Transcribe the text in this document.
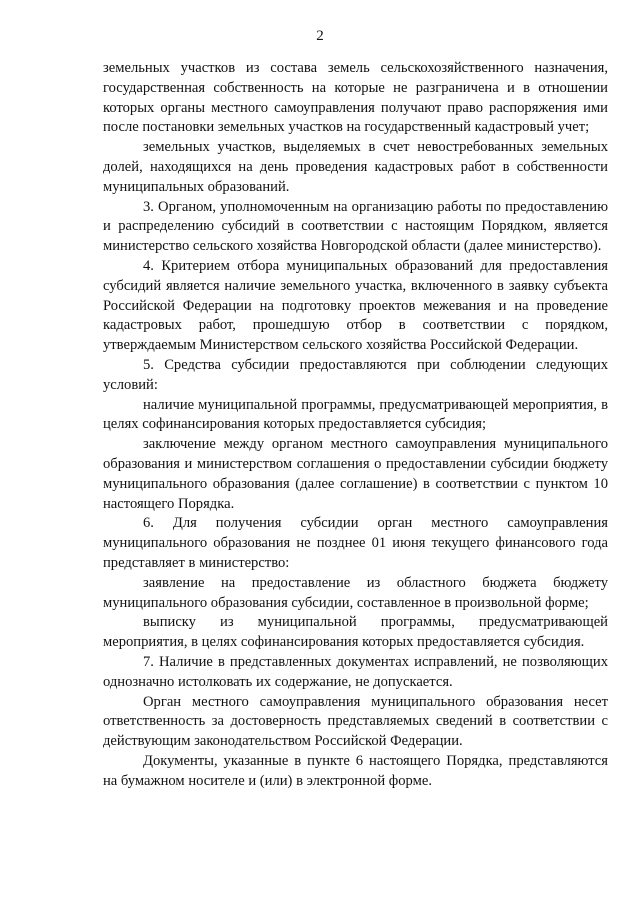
2

земельных участков из состава земель сельскохозяйственного назначения, государственная собственность на которые не разграничена и в отношении которых органы местного самоуправления получают право распоряжения ими после постановки земельных участков на государственный кадастровый учет;

земельных участков, выделяемых в счет невостребованных земельных долей, находящихся на день проведения кадастровых работ в собственности муниципальных образований.

3. Органом, уполномоченным на организацию работы по предоставлению и распределению субсидий в соответствии с настоящим Порядком, является министерство сельского хозяйства Новгородской области (далее министерство).

4. Критерием отбора муниципальных образований для предоставления субсидий является наличие земельного участка, включенного в заявку субъекта Российской Федерации на подготовку проектов межевания и на проведение кадастровых работ, прошедшую отбор в соответствии с порядком, утверждаемым Министерством сельского хозяйства Российской Федерации.

5. Средства субсидии предоставляются при соблюдении следующих условий:

наличие муниципальной программы, предусматривающей мероприятия, в целях софинансирования которых предоставляется субсидия;

заключение между органом местного самоуправления муниципального образования и министерством соглашения о предоставлении субсидии бюджету муниципального образования (далее соглашение) в соответствии с пунктом 10 настоящего Порядка.

6. Для получения субсидии орган местного самоуправления муниципального образования не позднее 01 июня текущего финансового года представляет в министерство:

заявление на предоставление из областного бюджета бюджету муниципального образования субсидии, составленное в произвольной форме;

выписку из муниципальной программы, предусматривающей мероприятия, в целях софинансирования которых предоставляется субсидия.

7. Наличие в представленных документах исправлений, не позволяющих однозначно истолковать их содержание, не допускается.

Орган местного самоуправления муниципального образования несет ответственность за достоверность представляемых сведений в соответствии с действующим законодательством Российской Федерации.

Документы, указанные в пункте 6 настоящего Порядка, представляются на бумажном носителе и (или) в электронной форме.
